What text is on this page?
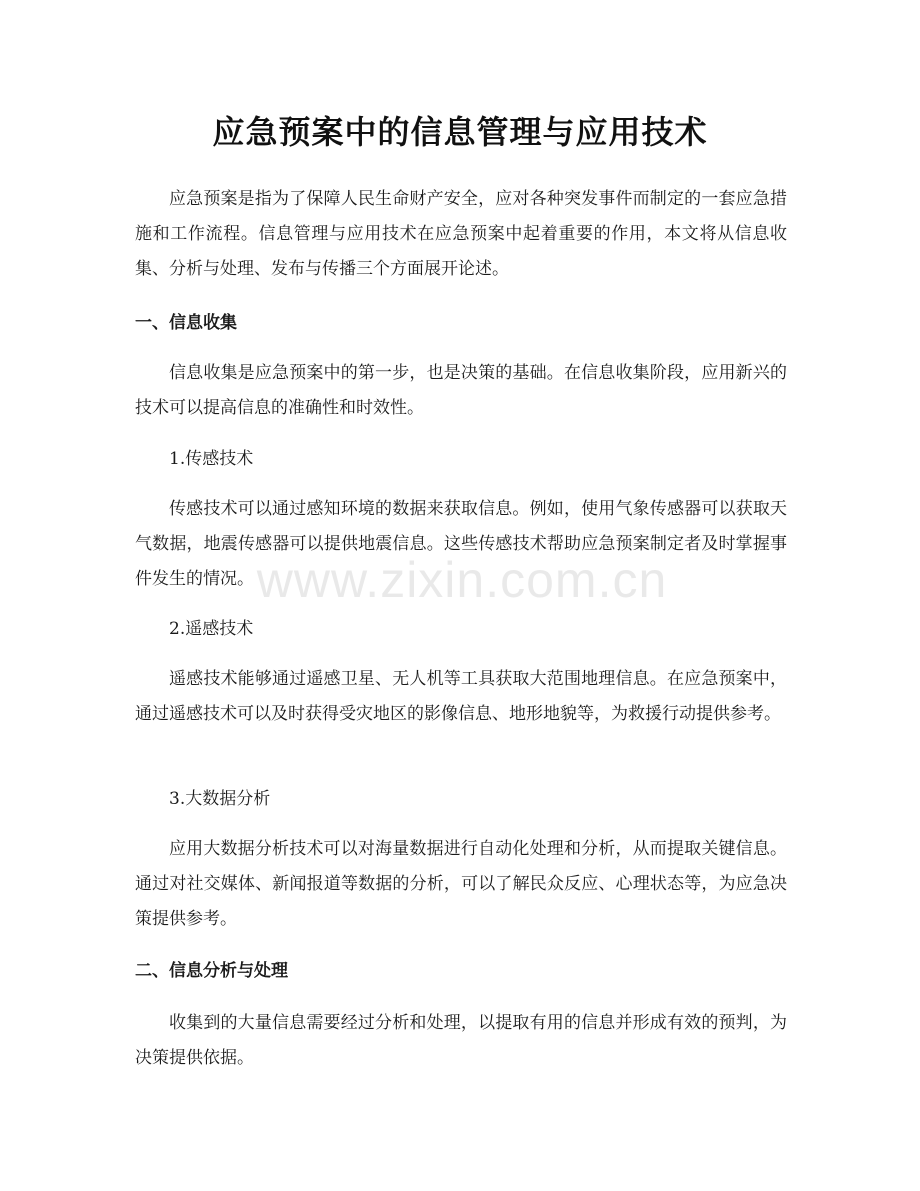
应急预案中的信息管理与应用技术

应急预案是指为了保障人民生命财产安全，应对各种突发事件而制定的一套应急措施和工作流程。信息管理与应用技术在应急预案中起着重要的作用，本文将从信息收集、分析与处理、发布与传播三个方面展开论述。

一、信息收集

信息收集是应急预案中的第一步，也是决策的基础。在信息收集阶段，应用新兴的技术可以提高信息的准确性和时效性。

1.传感技术

传感技术可以通过感知环境的数据来获取信息。例如，使用气象传感器可以获取天气数据，地震传感器可以提供地震信息。这些传感技术帮助应急预案制定者及时掌握事件发生的情况。

2.遥感技术

遥感技术能够通过遥感卫星、无人机等工具获取大范围地理信息。在应急预案中，通过遥感技术可以及时获得受灾地区的影像信息、地形地貌等，为救援行动提供参考。

3.大数据分析

应用大数据分析技术可以对海量数据进行自动化处理和分析，从而提取关键信息。通过对社交媒体、新闻报道等数据的分析，可以了解民众反应、心理状态等，为应急决策提供参考。

二、信息分析与处理

收集到的大量信息需要经过分析和处理，以提取有用的信息并形成有效的预判，为决策提供依据。

www.zixin.com.cn
